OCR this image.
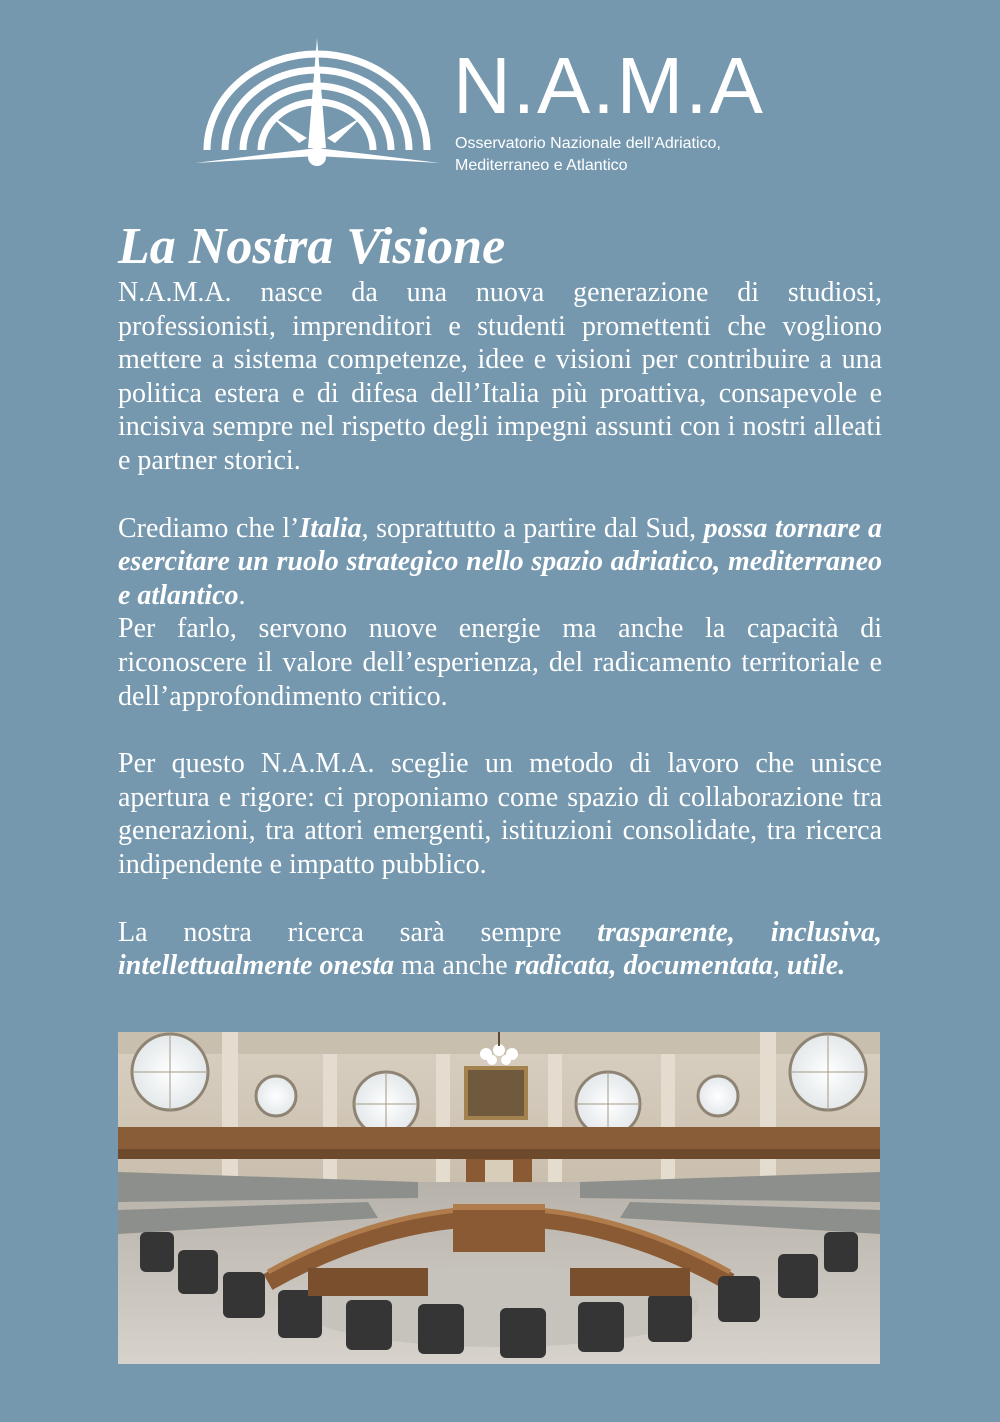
N.A.M.A
Osservatorio Nazionale dell’Adriatico,
Mediterraneo e Atlantico
La Nostra Visione

N.A.M.A. nasce da una nuova generazione di studiosi, professionisti, imprenditori e studenti promettenti che vogliono mettere a sistema competenze, idee e visioni per contribuire a una politica estera e di difesa dell’Italia più proattiva, consapevole e incisiva sempre nel rispetto degli impegni assunti con i nostri alleati e partner storici.

Crediamo che l’Italia, soprattutto a partire dal Sud, possa tornare a esercitare un ruolo strategico nello spazio adriatico, mediterraneo e atlantico.

Per farlo, servono nuove energie ma anche la capacità di riconoscere il valore dell’esperienza, del radicamento territoriale e dell’approfondimento critico.

Per questo N.A.M.A. sceglie un metodo di lavoro che unisce apertura e rigore: ci proponiamo come spazio di collaborazione tra generazioni, tra attori emergenti, istituzioni consolidate, tra ricerca indipendente e impatto pubblico.

La nostra ricerca sarà sempre trasparente, inclusiva, intellettualmente onesta ma anche radicata, documentata, utile.
